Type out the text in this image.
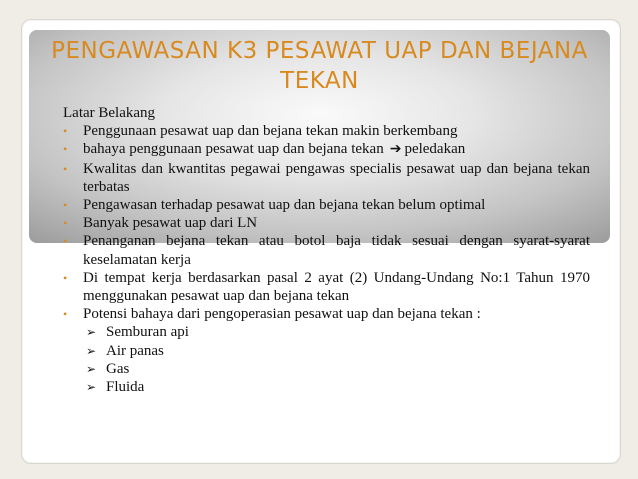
PENGAWASAN K3 PESAWAT UAP DAN BEJANA TEKAN

Latar Belakang

•	Penggunaan pesawat uap dan bejana tekan makin berkembang
•	bahaya penggunaan pesawat uap dan bejana tekan ➔ peledakan
•	Kwalitas dan kwantitas pegawai pengawas specialis pesawat uap dan bejana tekan terbatas
•	Pengawasan terhadap pesawat uap dan bejana tekan belum optimal
•	Banyak pesawat uap dari LN
•	Penanganan bejana tekan atau botol baja tidak sesuai dengan syarat-syarat keselamatan kerja
•	Di tempat kerja berdasarkan pasal 2 ayat (2) Undang-Undang No:1 Tahun 1970 menggunakan pesawat uap dan bejana tekan
•	Potensi bahaya dari pengoperasian pesawat uap dan bejana tekan :
➢ Semburan api
➢ Air panas
➢ Gas
➢ Fluida
